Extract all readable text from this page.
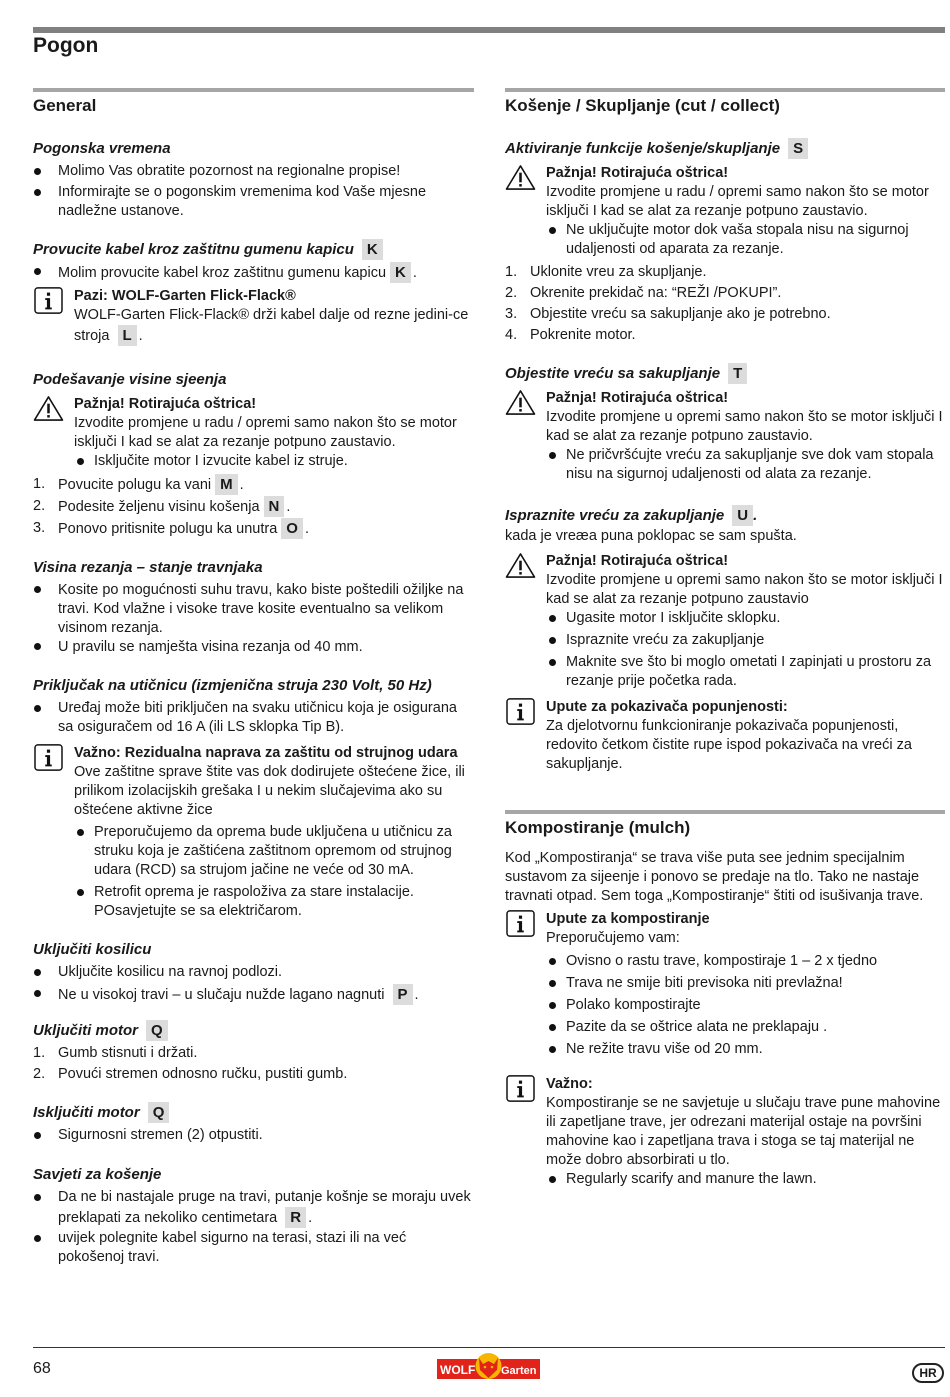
Pogon
General
Pogonska vremena
Molimo Vas obratite pozornost na regionalne propise!
Informirajte se o pogonskim vremenima kod Vaše mjesne nadležne ustanove.
Provucite kabel kroz zaštitnu gumenu kapicu K
Molim provucite kabel kroz zaštitnu gumenu kapicu K .
Pazi: WOLF-Garten Flick-Flack®
WOLF-Garten Flick-Flack® drži kabel dalje od rezne jedini-ce stroja L .
Podešavanje visine sjeenja
Pažnja! Rotirajuća oštrica!
Izvodite promjene u radu / opremi samo nakon što se motor isključi I kad se alat za rezanje potpuno zaustavio.
Isključite motor I izvucite kabel iz struje.
1. Povucite polugu ka vani M .
2. Podesite željenu visinu košenja N .
3. Ponovo pritisnite polugu ka unutra O .
Visina rezanja – stanje travnjaka
Kosite po mogućnosti suhu travu, kako biste poštedili ožiljke na travi. Kod vlažne i visoke trave kosite eventualno sa velikom visinom rezanja.
U pravilu se namješta visina rezanja od 40 mm.
Priključak na utičnicu (izmjenična struja 230 Volt, 50 Hz)
Uređaj može biti priključen na svaku utičnicu koja je osigurana sa osiguračem od 16 A (ili LS sklopka Tip B).
Važno: Rezidualna naprava za zaštitu od strujnog udara
Ove zaštitne sprave štite vas dok dodirujete oštećene žice, ili prilikom izolacijskih grešaka I u nekim slučajevima ako su oštećene aktivne žice
Preporučujemo da oprema bude uključena u utičnicu za struku koja je zaštićena zaštitnom opremom od strujnog udara (RCD) sa strujom jačine ne veće od 30 mA.
Retrofit oprema je raspoloživa za stare instalacije. POsavjetujte se sa električarom.
Uključiti kosilicu
Uključite kosilicu na ravnoj podlozi.
Ne u visokoj travi – u slučaju nužde lagano nagnuti P .
Uključiti motor Q
1. Gumb stisnuti i držati.
2. Povući stremen odnosno ručku, pustiti gumb.
Isključiti motor Q
Sigurnosni stremen (2) otpustiti.
Savjeti za košenje
Da ne bi nastajale pruge na travi, putanje košnje se moraju uvek preklapati za nekoliko centimetara R .
uvijek polegnite kabel sigurno na terasi, stazi ili na već pokošenoj travi.
Košenje / Skupljanje (cut / collect)
Aktiviranje funkcije košenje/skupljanje S
Pažnja! Rotirajuća oštrica!
Izvodite promjene u radu / opremi samo nakon što se motor isključi I kad se alat za rezanje potpuno zaustavio.
Ne uključujte motor dok vaša stopala nisu na sigurnoj udaljenosti od aparata za rezanje.
1. Uklonite vreu za skupljanje.
2. Okrenite prekidač na: “REŽI /POKUPI”.
3. Objestite vreću sa sakupljanje ako je potrebno.
4. Pokrenite motor.
Objestite vreću sa sakupljanje T
Pažnja! Rotirajuća oštrica!
Izvodite promjene u opremi samo nakon što se motor isključi I kad se alat za rezanje potpuno zaustavio.
Ne pričvršćujte vreću za sakupljanje sve dok vam stopala nisu na sigurnoj udaljenosti od alata za rezanje.
Ispraznite vreću za zakupljanje U .
kada je vreæa puna poklopac se sam spušta.
Pažnja! Rotirajuća oštrica!
Izvodite promjene u opremi samo nakon što se motor isključi I kad se alat za rezanje potpuno zaustavio
Ugasite motor I isključite sklopku.
Ispraznite vreću za zakupljanje
Maknite sve što bi moglo ometati I zapinjati u prostoru za rezanje prije početka rada.
Upute za pokazivača popunjenosti:
Za djelotvornu funkcioniranje pokazivača popunjenosti, redovito četkom čistite rupe ispod pokazivača na vreći za sakupljanje.
Kompostiranje (mulch)
Kod „Kompostiranja“ se trava više puta see jednim specijalnim sustavom za sijeenje i ponovo se predaje na tlo. Tako ne nastaje travnati otpad. Sem toga „Kompostiranje“ štiti od isušivanja trave.
Upute za kompostiranje
Preporučujemo vam:
Ovisno o rastu trave, kompostiraje 1 – 2 x tjedno
Trava ne smije biti previsoka niti prevlažna!
Polako kompostirajte
Pazite da se oštrice alata ne preklapaju .
Ne režite travu više od 20 mm.
Važno:
Kompostiranje se ne savjetuje u slučaju trave pune mahovine ili zapetljane trave, jer odrezani materijal ostaje na površini mahovine kao i zapetljana trava i stoga se taj materijal ne može dobro absorbirati u tlo.
Regularly scarify and manure the lawn.
68	WOLF Garten	HR
